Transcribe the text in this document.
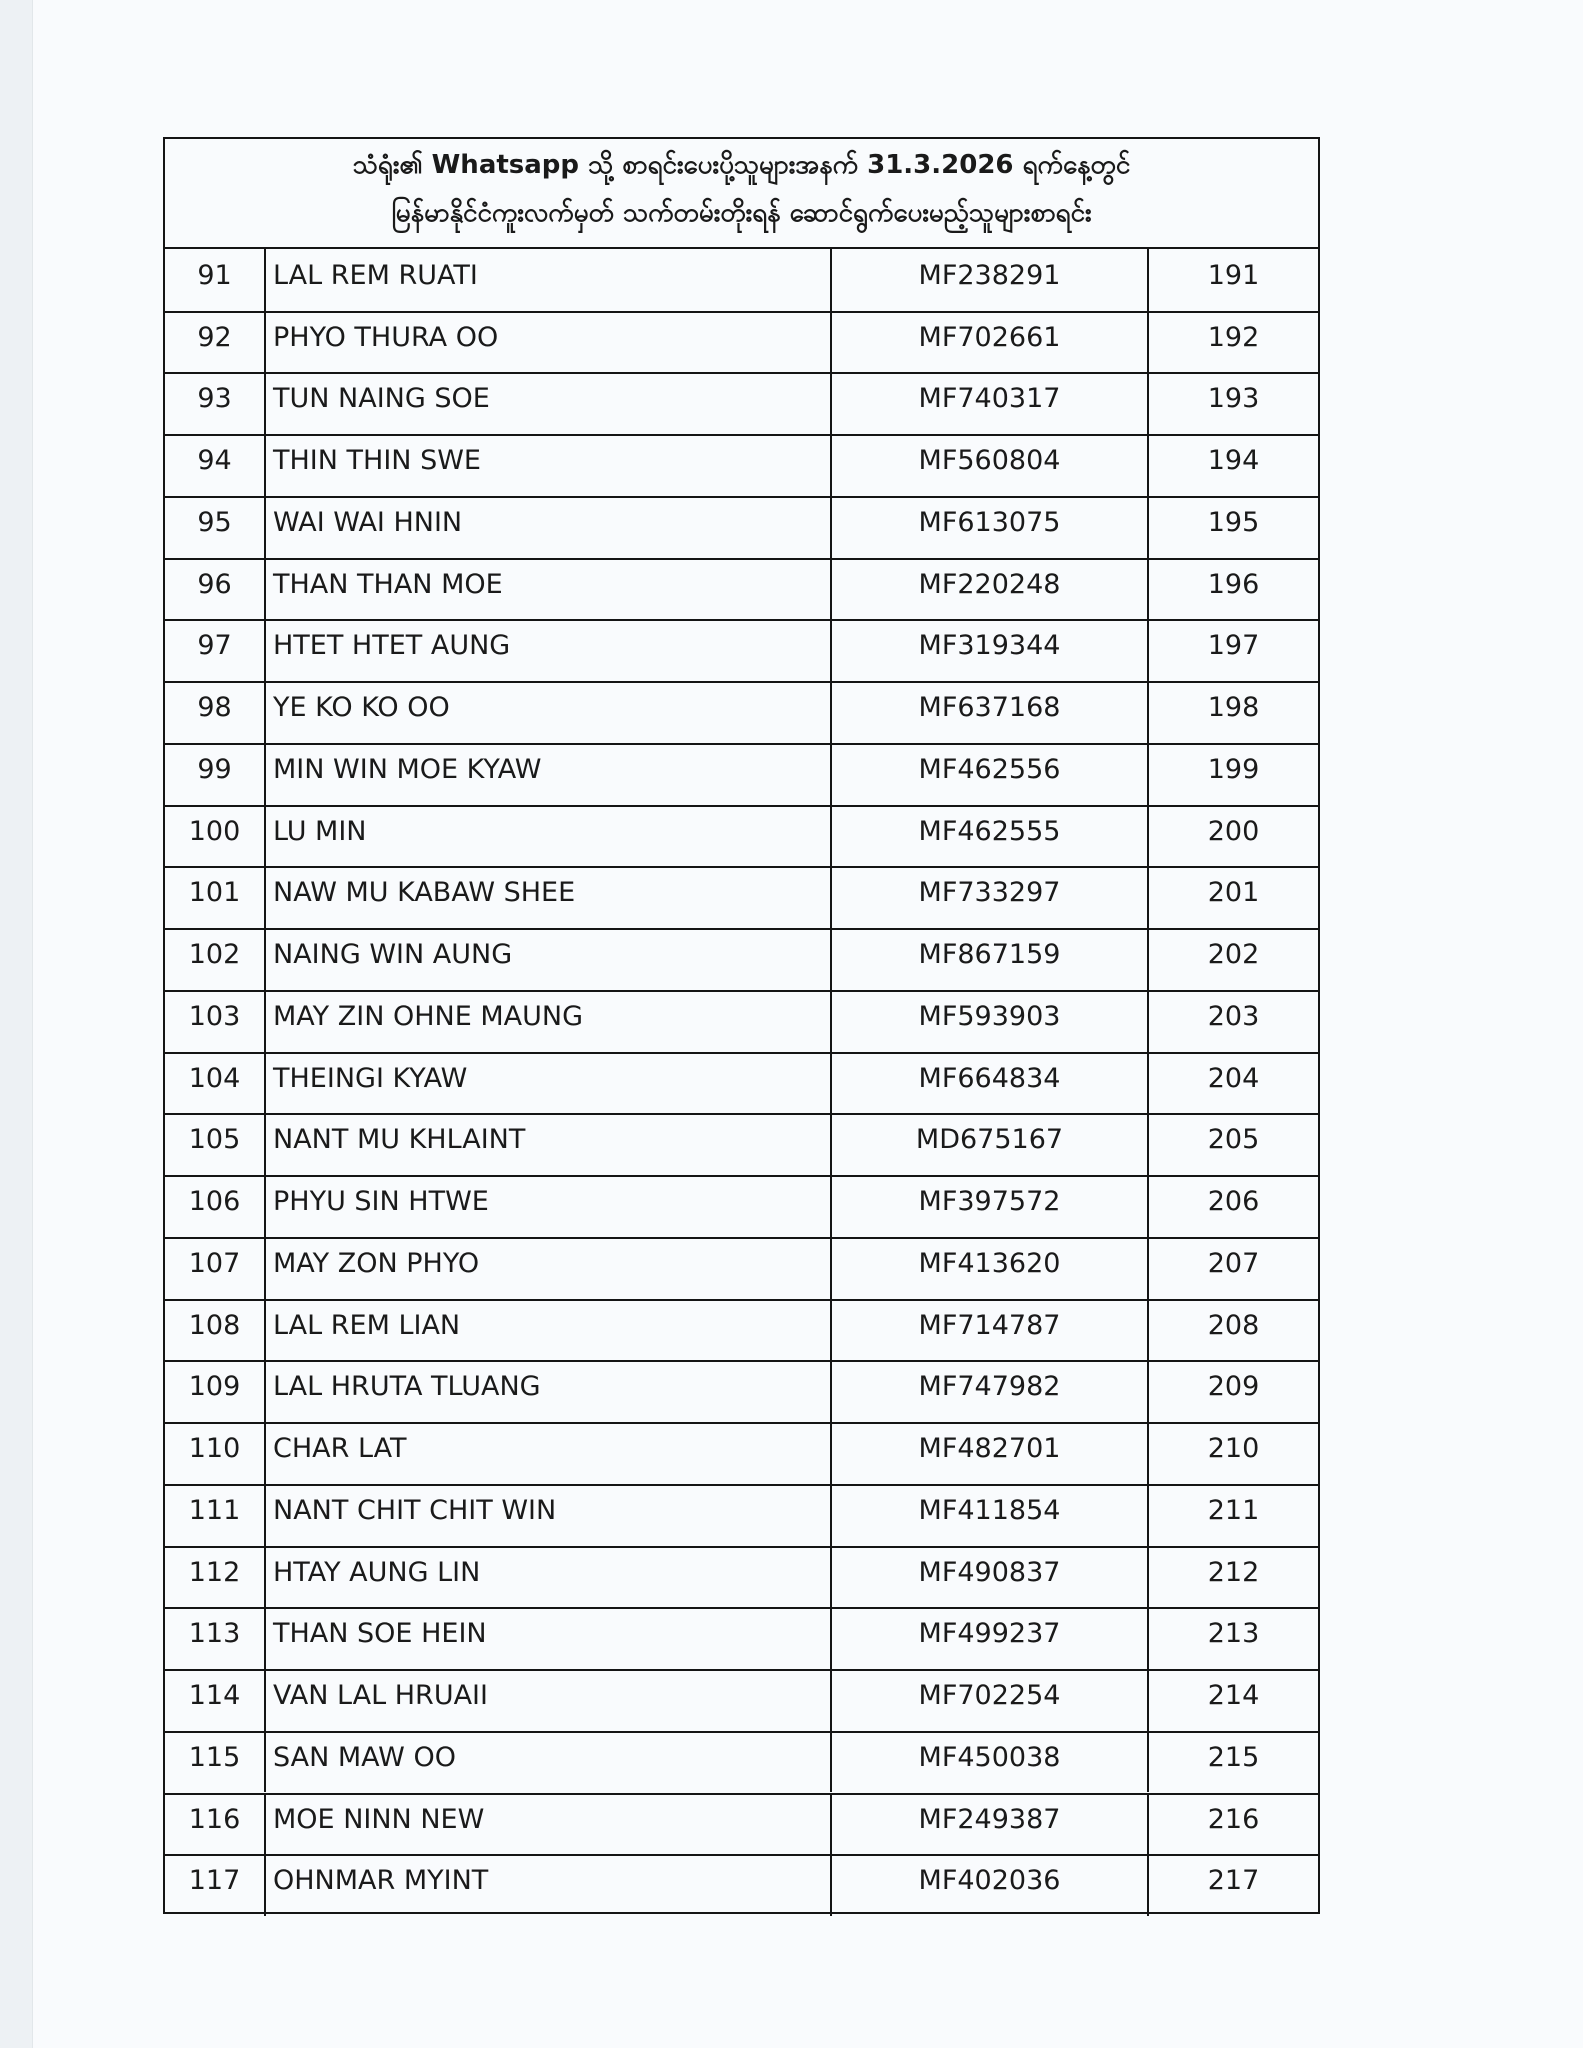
သံရုံး၏ Whatsapp သို့ စာရင်းပေးပို့သူများအနက် 31.3.2026 ရက်နေ့တွင်
မြန်မာနိုင်ငံကူးလက်မှတ် သက်တမ်းတိုးရန် ဆောင်ရွက်ပေးမည့်သူများစာရင်း
91	LAL REM RUATI	MF238291	191
92	PHYO THURA OO	MF702661	192
93	TUN NAING SOE	MF740317	193
94	THIN THIN SWE	MF560804	194
95	WAI WAI HNIN	MF613075	195
96	THAN THAN MOE	MF220248	196
97	HTET HTET AUNG	MF319344	197
98	YE KO KO OO	MF637168	198
99	MIN WIN MOE KYAW	MF462556	199
100	LU MIN	MF462555	200
101	NAW MU KABAW SHEE	MF733297	201
102	NAING WIN AUNG	MF867159	202
103	MAY ZIN OHNE MAUNG	MF593903	203
104	THEINGI KYAW	MF664834	204
105	NANT MU KHLAINT	MD675167	205
106	PHYU SIN HTWE	MF397572	206
107	MAY ZON PHYO	MF413620	207
108	LAL REM LIAN	MF714787	208
109	LAL HRUTA TLUANG	MF747982	209
110	CHAR LAT	MF482701	210
111	NANT CHIT CHIT WIN	MF411854	211
112	HTAY AUNG LIN	MF490837	212
113	THAN SOE HEIN	MF499237	213
114	VAN LAL HRUAII	MF702254	214
115	SAN MAW OO	MF450038	215
116	MOE NINN NEW	MF249387	216
117	OHNMAR MYINT	MF402036	217
